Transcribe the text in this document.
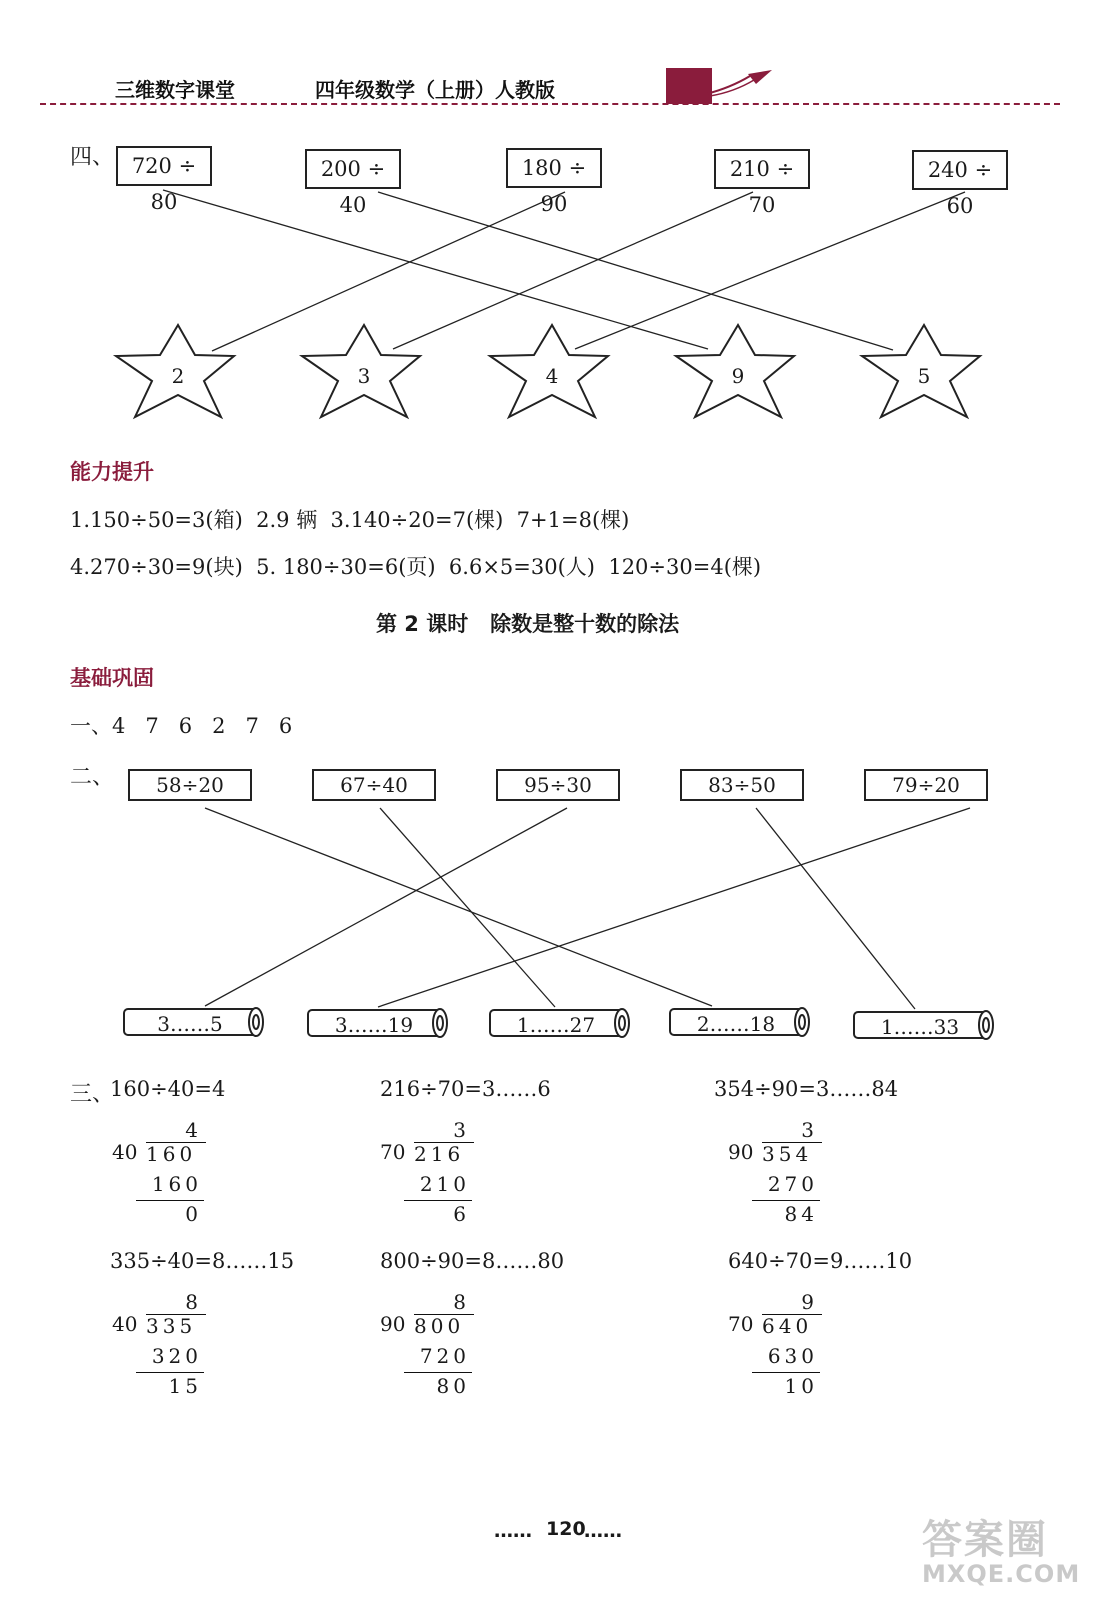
三维数字课堂	四年级数学（上册）人教版
四、 720 ÷ 80
200 ÷ 40
180 ÷ 90
210 ÷ 70
240 ÷ 60
2	3	4	9	5
能力提升
1.150÷50=3(箱)  2.9 辆  3.140÷20=7(棵)  7+1=8(棵)
4.270÷30=9(块)  5. 180÷30=6(页)  6.6×5=30(人)  120÷30=4(棵)
第 2 课时   除数是整十数的除法
基础巩固
一、4   7   6   2   7   6
二、	58÷20	67÷40	95÷30	83÷50	79÷20
3……5	3……19	1……27	2……18	1……33
三、
160÷40=4	216÷70=3……6	354÷90=3……84
335÷40=8……15	800÷90=8……80	640÷70=9……10
4
40 160
160
0
3
70 216
210
6
3
90 354
270
84
8
40 335
320
15
8
90 800
720
80
9
70 640
630
10
…… 120
……	答案圈
MXQE.COM
